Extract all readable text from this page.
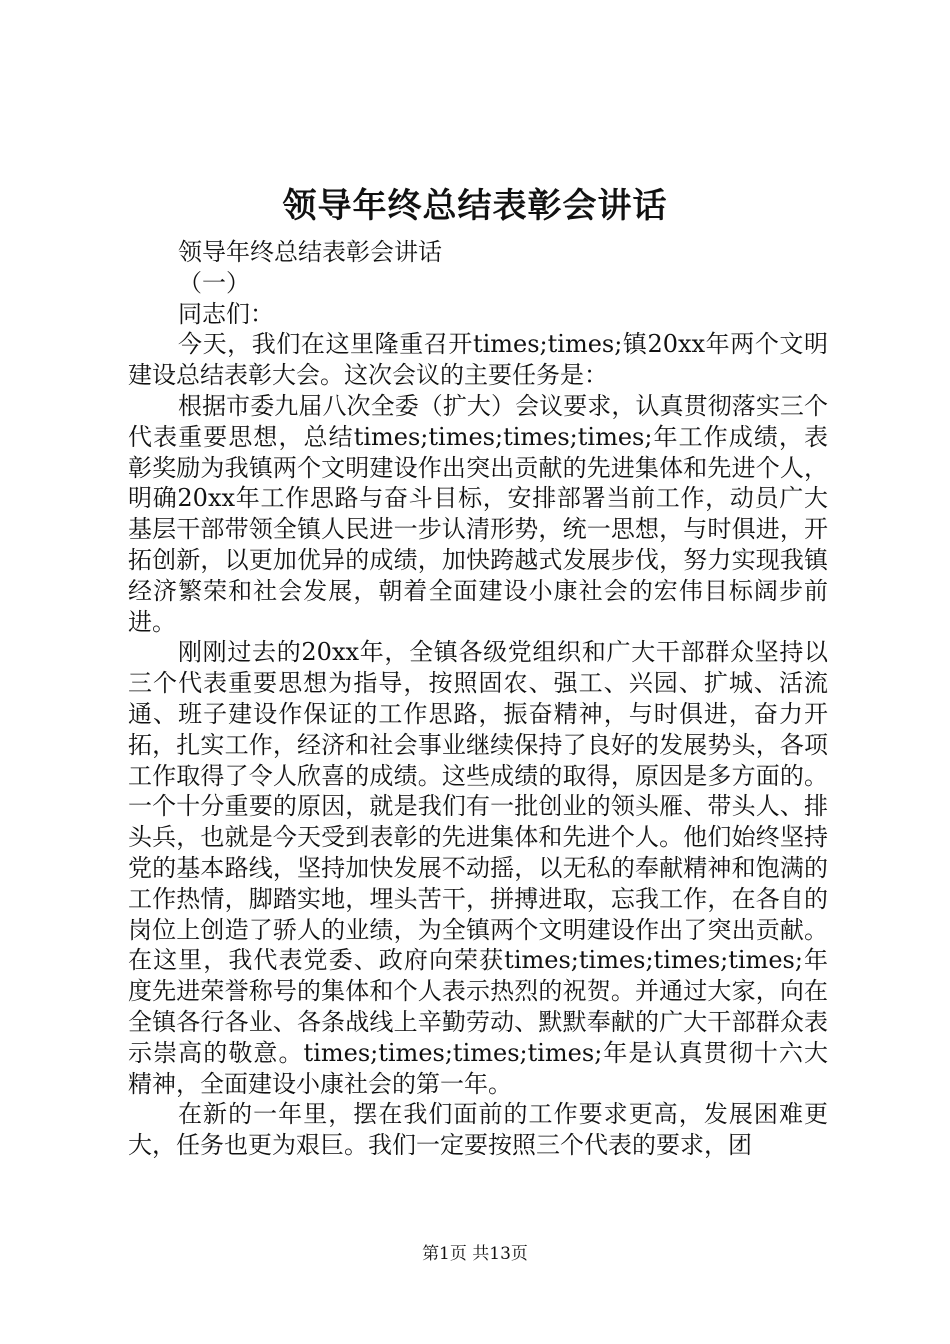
领导年终总结表彰会讲话

领导年终总结表彰会讲话

（一）

同志们：

今天，我们在这里隆重召开times;times;镇20xx年两个文明建设总结表彰大会。这次会议的主要任务是：

根据市委九届八次全委（扩大）会议要求，认真贯彻落实三个代表重要思想，总结times;times;times;times;年工作成绩，表彰奖励为我镇两个文明建设作出突出贡献的先进集体和先进个人，明确20xx年工作思路与奋斗目标，安排部署当前工作，动员广大基层干部带领全镇人民进一步认清形势，统一思想，与时俱进，开拓创新，以更加优异的成绩，加快跨越式发展步伐，努力实现我镇经济繁荣和社会发展，朝着全面建设小康社会的宏伟目标阔步前进。

刚刚过去的20xx年，全镇各级党组织和广大干部群众坚持以三个代表重要思想为指导，按照固农、强工、兴园、扩城、活流通、班子建设作保证的工作思路，振奋精神，与时俱进，奋力开拓，扎实工作，经济和社会事业继续保持了良好的发展势头，各项工作取得了令人欣喜的成绩。这些成绩的取得，原因是多方面的。一个十分重要的原因，就是我们有一批创业的领头雁、带头人、排头兵，也就是今天受到表彰的先进集体和先进个人。他们始终坚持党的基本路线，坚持加快发展不动摇，以无私的奉献精神和饱满的工作热情，脚踏实地，埋头苦干，拼搏进取，忘我工作，在各自的岗位上创造了骄人的业绩，为全镇两个文明建设作出了突出贡献。在这里，我代表党委、政府向荣获times;times;times;times;年度先进荣誉称号的集体和个人表示热烈的祝贺。并通过大家，向在全镇各行各业、各条战线上辛勤劳动、默默奉献的广大干部群众表示崇高的敬意。times;times;times;times;年是认真贯彻十六大精神，全面建设小康社会的第一年。

在新的一年里，摆在我们面前的工作要求更高，发展困难更大，任务也更为艰巨。我们一定要按照三个代表的要求，团

第1页 共13页
